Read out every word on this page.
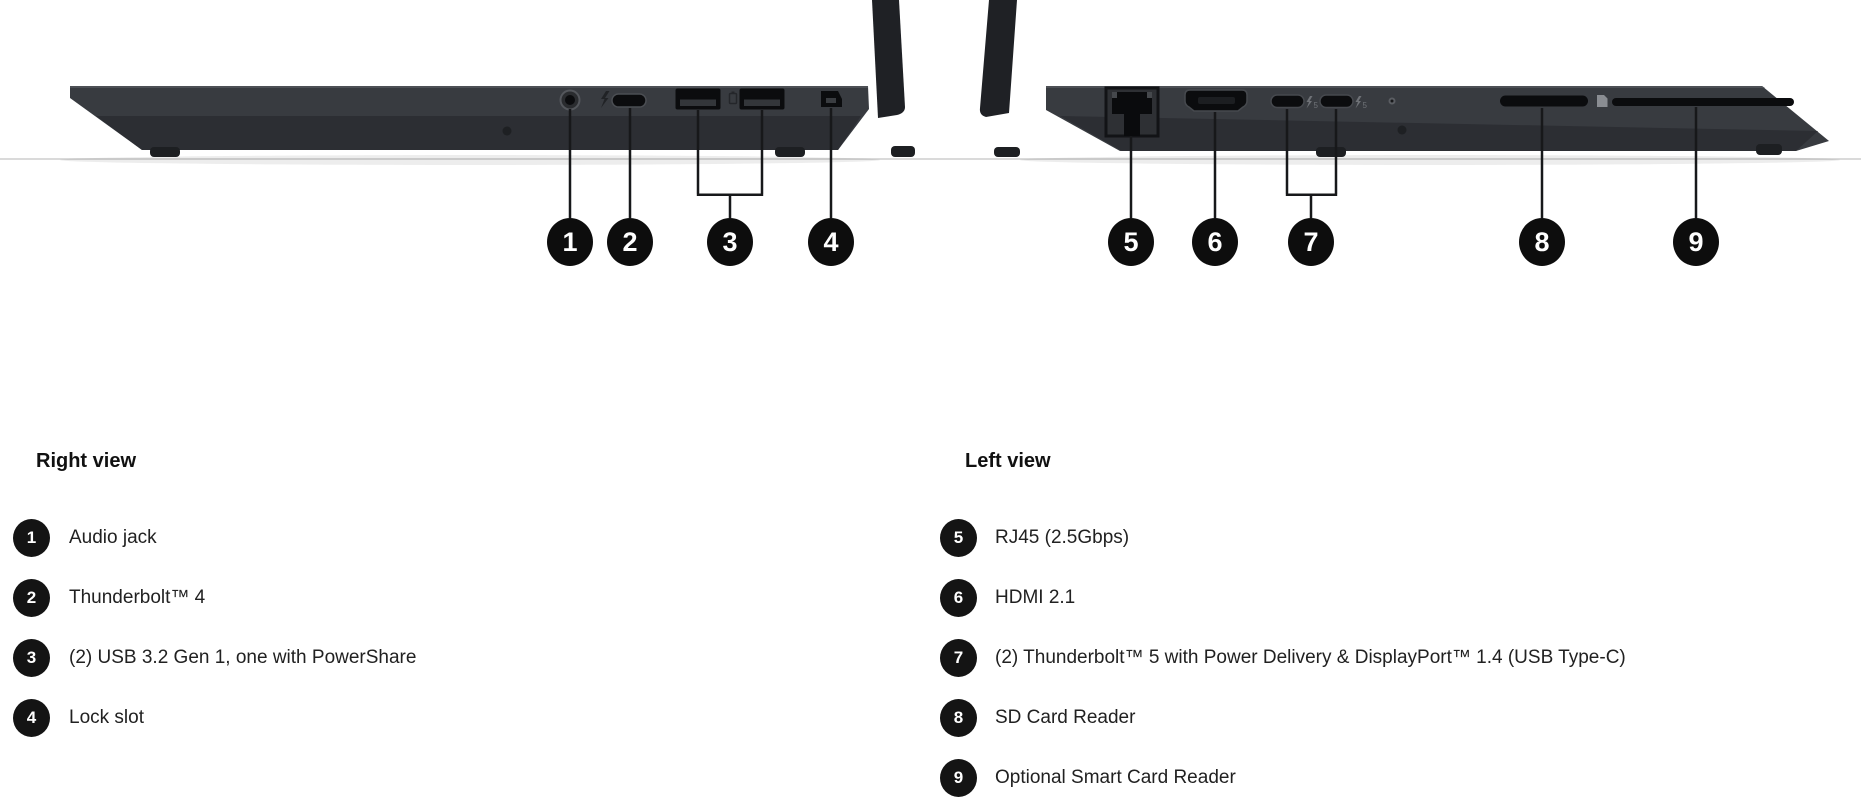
5	5
1 2	3	4	5	6	7	8	9
Right view
1	Audio jack
2	Thunderbolt™ 4
3	(2) USB 3.2 Gen 1, one with PowerShare
4	Lock slot
Left view
5	RJ45 (2.5Gbps)
6	HDMI 2.1
7	(2) Thunderbolt™ 5 with Power Delivery & DisplayPort™ 1.4 (USB Type-C)
8	SD Card Reader
9	Optional Smart Card Reader
